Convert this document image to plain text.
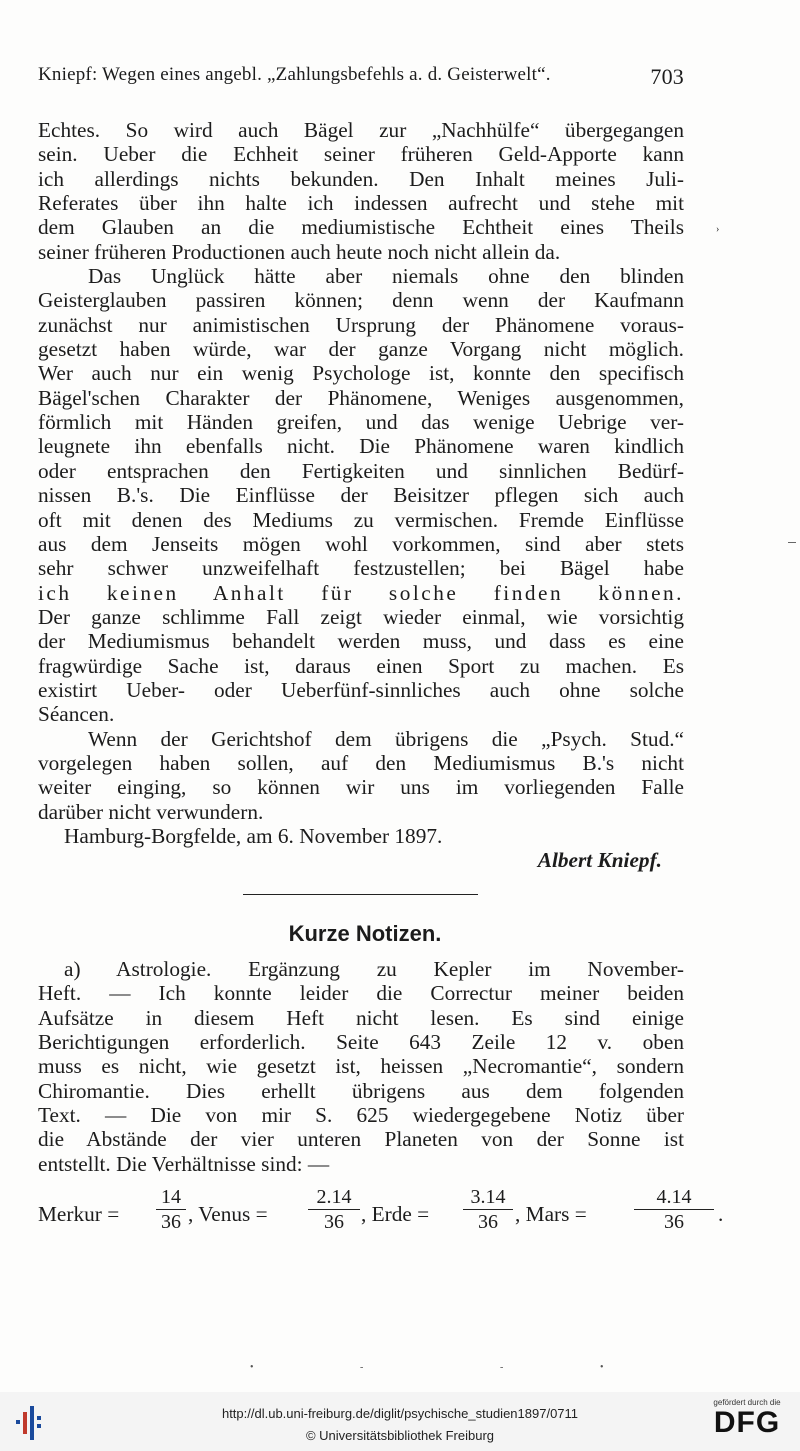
Kniepf: Wegen eines angebl. „Zahlungsbefehls a. d. Geisterwelt“.	703
Echtes. So wird auch Bägel zur „Nachhülfe“ übergegangen
sein. Ueber die Echheit seiner früheren Geld-Apporte kann
ich allerdings nichts bekunden. Den Inhalt meines Juli-
Referates über ihn halte ich indessen aufrecht und stehe mit
dem Glauben an die mediumistische Echtheit eines Theils
seiner früheren Productionen auch heute noch nicht allein da.
Das Unglück hätte aber niemals ohne den blinden
Geisterglauben passiren können; denn wenn der Kaufmann
zunächst nur animistischen Ursprung der Phänomene voraus-
gesetzt haben würde, war der ganze Vorgang nicht möglich.
Wer auch nur ein wenig Psychologe ist, konnte den specifisch
Bägel'schen Charakter der Phänomene, Weniges ausgenommen,
förmlich mit Händen greifen, und das wenige Uebrige ver-
leugnete ihn ebenfalls nicht. Die Phänomene waren kindlich
oder entsprachen den Fertigkeiten und sinnlichen Bedürf-
nissen B.'s. Die Einflüsse der Beisitzer pflegen sich auch
oft mit denen des Mediums zu vermischen. Fremde Einflüsse
aus dem Jenseits mögen wohl vorkommen, sind aber stets
sehr schwer unzweifelhaft festzustellen; bei Bägel habe
ich keinen Anhalt für solche finden können.
Der ganze schlimme Fall zeigt wieder einmal, wie vorsichtig
der Mediumismus behandelt werden muss, und dass es eine
fragwürdige Sache ist, daraus einen Sport zu machen. Es
existirt Ueber- oder Ueberfünf-sinnliches auch ohne solche
Séancen.
Wenn der Gerichtshof dem übrigens die „Psych. Stud.“
vorgelegen haben sollen, auf den Mediumismus B.'s nicht
weiter einging, so können wir uns im vorliegenden Falle
darüber nicht verwundern.
Hamburg-Borgfelde, am 6. November 1897.
Albert Kniepf.
Kurze Notizen.
a) Astrologie. Ergänzung zu Kepler im November-
Heft. — Ich konnte leider die Correctur meiner beiden
Aufsätze in diesem Heft nicht lesen. Es sind einige
Berichtigungen erforderlich. Seite 643 Zeile 12 v. oben
muss es nicht, wie gesetzt ist, heissen „Necromantie“, sondern
Chiromantie. Dies erhellt übrigens aus dem folgenden
Text. — Die von mir S. 625 wiedergegebene Notiz über
die Abstände der vier unteren Planeten von der Sonne ist
entstellt. Die Verhältnisse sind: —
Merkur =
14
36 , Venus =
2.14
36 , Erde =
3.14
36 , Mars =
4.14
36	.
›
•	-	-	•
http://dl.ub.uni-freiburg.de/diglit/psychische_studien1897/0711
© Universitätsbibliothek Freiburg
gefördert durch die
DFG
